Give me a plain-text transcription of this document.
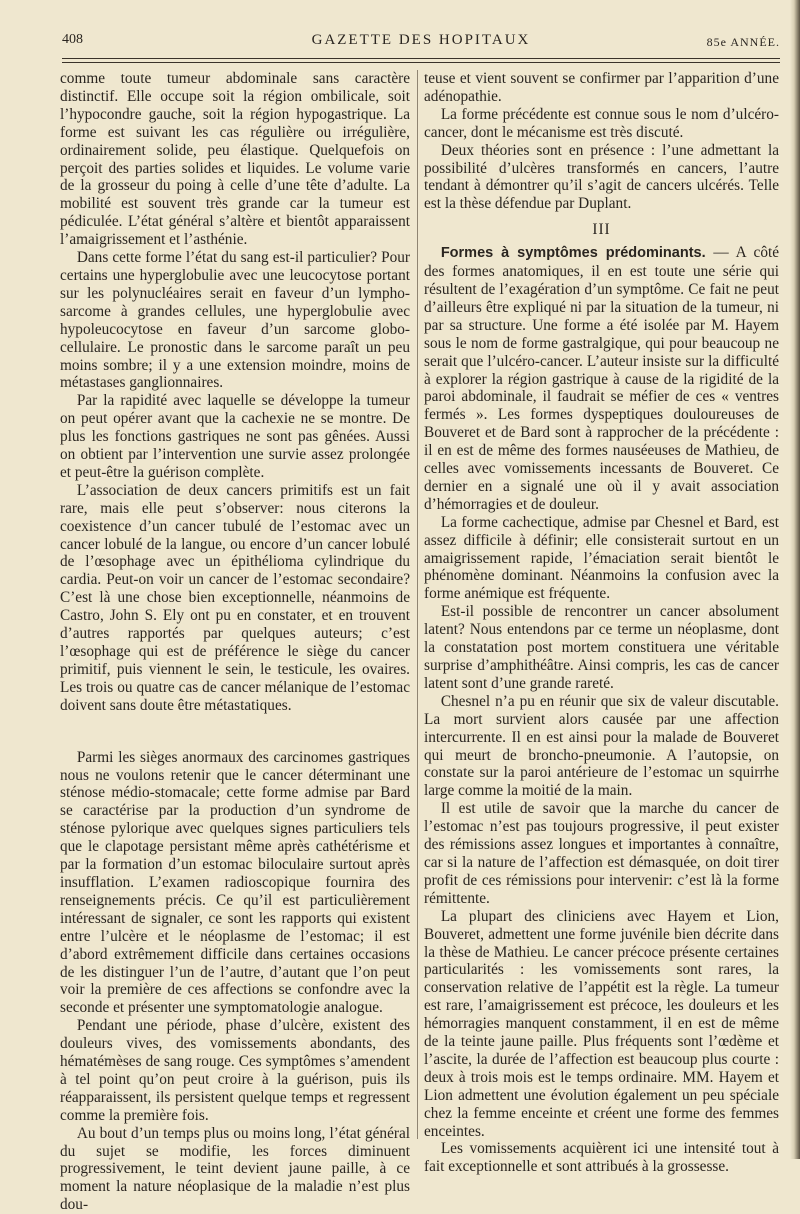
408	GAZETTE DES HOPITAUX	85e ANNÉE.

comme toute tumeur abdominale sans caractère distinctif. Elle occupe soit la région ombilicale, soit l’hypocondre gauche, soit la région hypogastrique. La forme est suivant les cas régulière ou irrégulière, ordinairement solide, peu élastique. Quelquefois on perçoit des parties solides et liquides. Le volume varie de la grosseur du poing à celle d’une tête d’adulte. La mobilité est souvent très grande car la tumeur est pédiculée. L’état général s’altère et bientôt apparaissent l’amaigrissement et l’asthénie.

Dans cette forme l’état du sang est-il particulier? Pour certains une hyperglobulie avec une leucocytose portant sur les polynucléaires serait en faveur d’un lympho-sarcome à grandes cellules, une hyperglobulie avec hypoleucocytose en faveur d’un sarcome globo-cellulaire. Le pronostic dans le sarcome paraît un peu moins sombre; il y a une extension moindre, moins de métastases ganglionnaires.

Par la rapidité avec laquelle se développe la tumeur on peut opérer avant que la cachexie ne se montre. De plus les fonctions gastriques ne sont pas gênées. Aussi on obtient par l’intervention une survie assez prolongée et peut-être la guérison complète.

L’association de deux cancers primitifs est un fait rare, mais elle peut s’observer: nous citerons la coexistence d’un cancer tubulé de l’estomac avec un cancer lobulé de la langue, ou encore d’un cancer lobulé de l’œsophage avec un épithélioma cylindrique du cardia. Peut-on voir un cancer de l’estomac secondaire? C’est là une chose bien exceptionnelle, néanmoins de Castro, John S. Ely ont pu en constater, et en trouvent d’autres rapportés par quelques auteurs; c’est l’œsophage qui est de préférence le siège du cancer primitif, puis viennent le sein, le testicule, les ovaires. Les trois ou quatre cas de cancer mélanique de l’estomac doivent sans doute être métastatiques.

Parmi les sièges anormaux des carcinomes gastriques nous ne voulons retenir que le cancer déterminant une sténose médio-stomacale; cette forme admise par Bard se caractérise par la production d’un syndrome de sténose pylorique avec quelques signes particuliers tels que le clapotage persistant même après cathétérisme et par la formation d’un estomac biloculaire surtout après insufflation. L’examen radioscopique fournira des renseignements précis. Ce qu’il est particulièrement intéressant de signaler, ce sont les rapports qui existent entre l’ulcère et le néoplasme de l’estomac; il est d’abord extrêmement difficile dans certaines occasions de les distinguer l’un de l’autre, d’autant que l’on peut voir la première de ces affections se confondre avec la seconde et présenter une symptomatologie analogue.

Pendant une période, phase d’ulcère, existent des douleurs vives, des vomissements abondants, des hématémèses de sang rouge. Ces symptômes s’amendent à tel point qu’on peut croire à la guérison, puis ils réapparaissent, ils persistent quelque temps et regressent comme la première fois.

Au bout d’un temps plus ou moins long, l’état général du sujet se modifie, les forces diminuent progressivement, le teint devient jaune paille, à ce moment la nature néoplasique de la maladie n’est plus dou-

teuse et vient souvent se confirmer par l’apparition d’une adénopathie.

La forme précédente est connue sous le nom d’ulcéro-cancer, dont le mécanisme est très discuté.

Deux théories sont en présence : l’une admettant la possibilité d’ulcères transformés en cancers, l’autre tendant à démontrer qu’il s’agit de cancers ulcérés. Telle est la thèse défendue par Duplant.

III

Formes à symptômes prédominants. — A côté des formes anatomiques, il en est toute une série qui résultent de l’exagération d’un symptôme. Ce fait ne peut d’ailleurs être expliqué ni par la situation de la tumeur, ni par sa structure. Une forme a été isolée par M. Hayem sous le nom de forme gastralgique, qui pour beaucoup ne serait que l’ulcéro-cancer. L’auteur insiste sur la difficulté à explorer la région gastrique à cause de la rigidité de la paroi abdominale, il faudrait se méfier de ces « ventres fermés ». Les formes dyspeptiques douloureuses de Bouveret et de Bard sont à rapprocher de la précédente : il en est de même des formes nauséeuses de Mathieu, de celles avec vomissements incessants de Bouveret. Ce dernier en a signalé une où il y avait association d’hémorragies et de douleur.

La forme cachectique, admise par Chesnel et Bard, est assez difficile à définir; elle consisterait surtout en un amaigrissement rapide, l’émaciation serait bientôt le phénomène dominant. Néanmoins la confusion avec la forme anémique est fréquente.

Est-il possible de rencontrer un cancer absolument latent? Nous entendons par ce terme un néoplasme, dont la constatation post mortem constituera une véritable surprise d’amphithéâtre. Ainsi compris, les cas de cancer latent sont d’une grande rareté.

Chesnel n’a pu en réunir que six de valeur discutable. La mort survient alors causée par une affection intercurrente. Il en est ainsi pour la malade de Bouveret qui meurt de broncho-pneumonie. A l’autopsie, on constate sur la paroi antérieure de l’estomac un squirrhe large comme la moitié de la main.

Il est utile de savoir que la marche du cancer de l’estomac n’est pas toujours progressive, il peut exister des rémissions assez longues et importantes à connaître, car si la nature de l’affection est démasquée, on doit tirer profit de ces rémissions pour intervenir: c’est là la forme rémittente.

La plupart des cliniciens avec Hayem et Lion, Bouveret, admettent une forme juvénile bien décrite dans la thèse de Mathieu. Le cancer précoce présente certaines particularités : les vomissements sont rares, la conservation relative de l’appétit est la règle. La tumeur est rare, l’amaigrissement est précoce, les douleurs et les hémorragies manquent constamment, il en est de même de la teinte jaune paille. Plus fréquents sont l’œdème et l’ascite, la durée de l’affection est beaucoup plus courte : deux à trois mois est le temps ordinaire. MM. Hayem et Lion admettent une évolution également un peu spéciale chez la femme enceinte et créent une forme des femmes enceintes.

Les vomissements acquièrent ici une intensité tout à fait exceptionnelle et sont attribués à la grossesse.
